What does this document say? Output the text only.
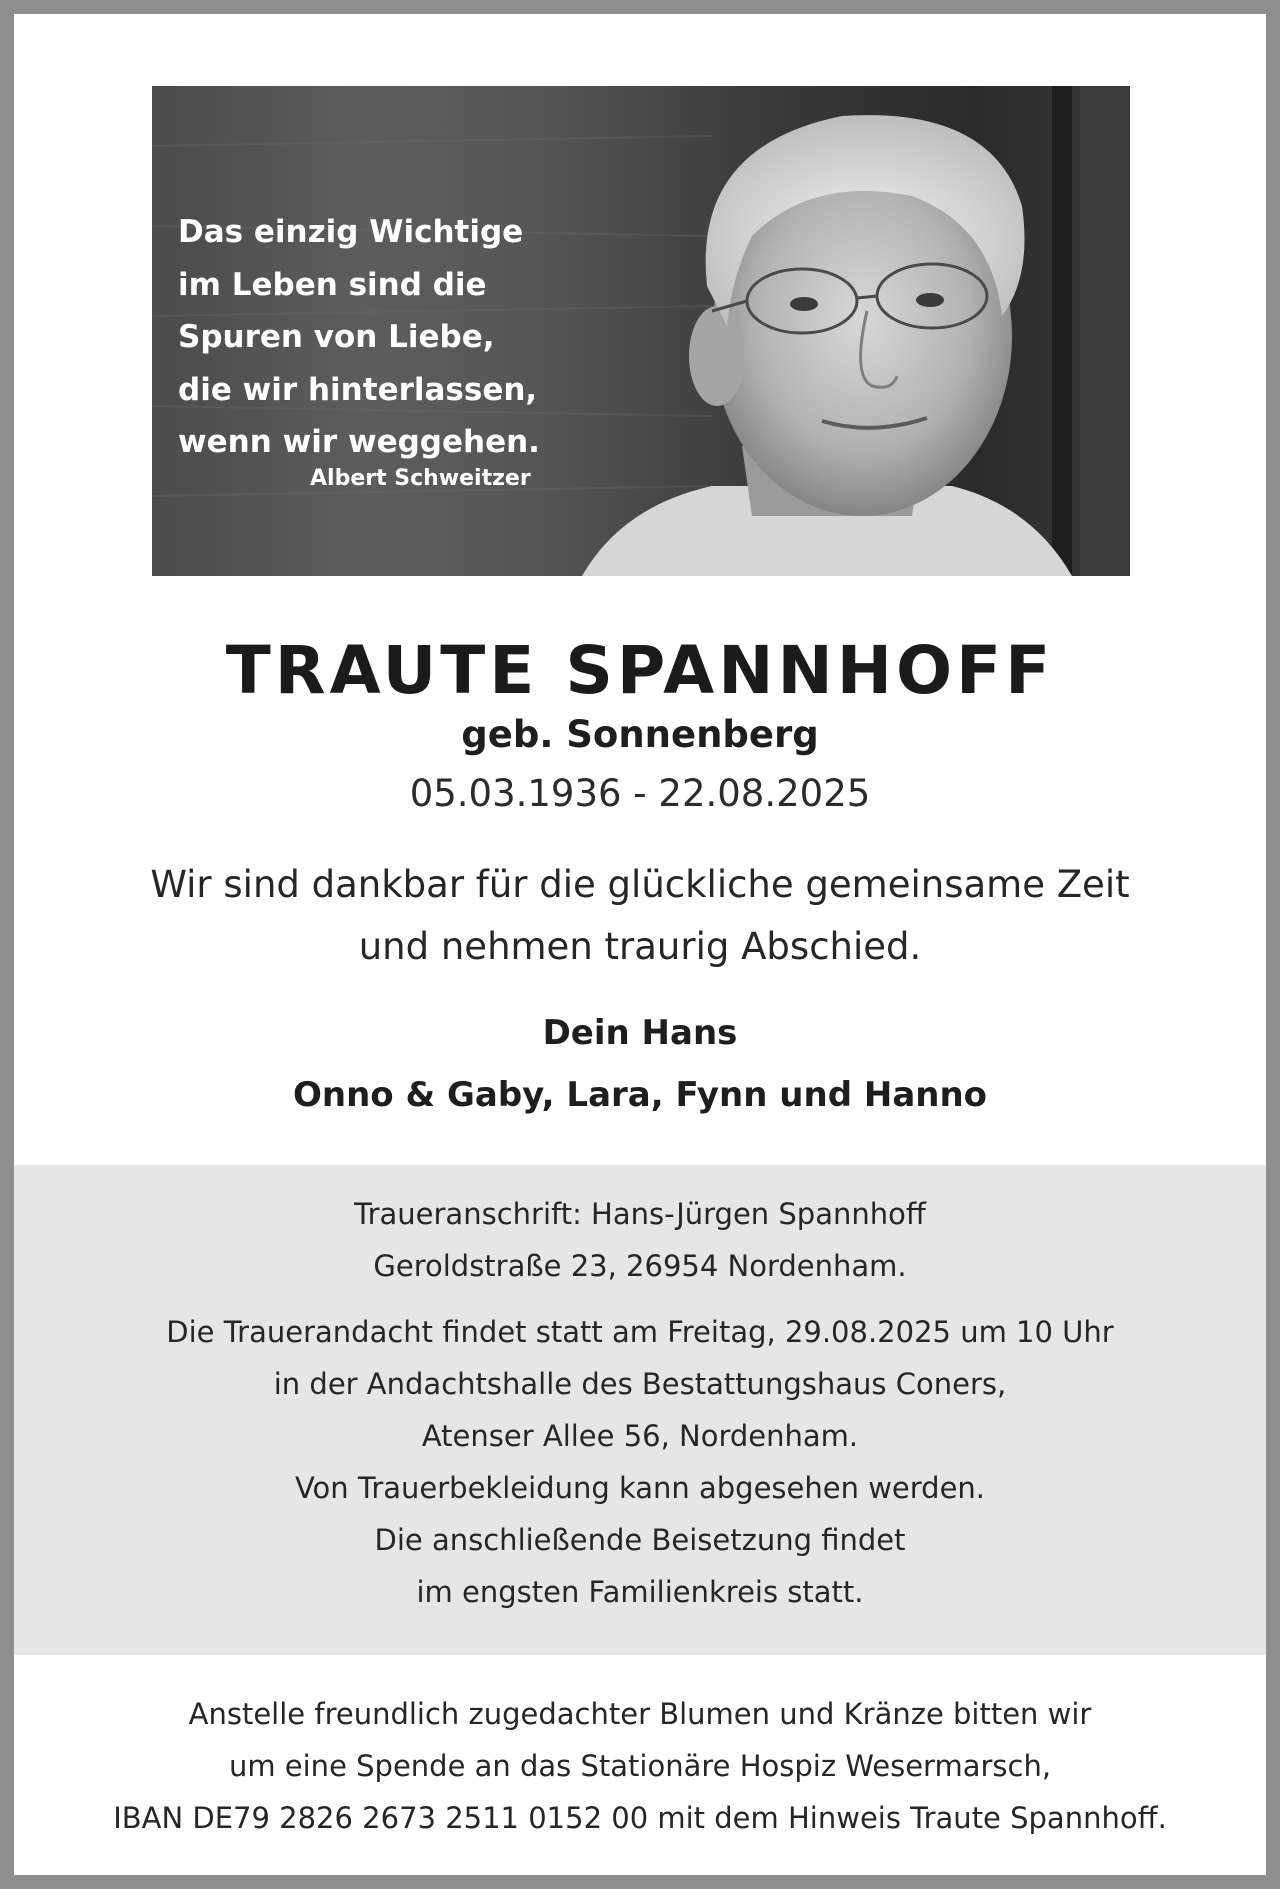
Das einzig Wichtige
im Leben sind die
Spuren von Liebe,
die wir hinterlassen,
wenn wir weggehen.
Albert Schweitzer
TRAUTE SPANNHOFF
geb. Sonnenberg
05.03.1936 - 22.08.2025
Wir sind dankbar für die glückliche gemeinsame Zeit
und nehmen traurig Abschied.
Dein Hans
Onno & Gaby, Lara, Fynn und Hanno
Traueranschrift: Hans-Jürgen Spannhoff
Geroldstraße 23, 26954 Nordenham.
Die Trauerandacht findet statt am Freitag, 29.08.2025 um 10 Uhr
in der Andachtshalle des Bestattungshaus Coners,
Atenser Allee 56, Nordenham.
Von Trauerbekleidung kann abgesehen werden.
Die anschließende Beisetzung findet
im engsten Familienkreis statt.
Anstelle freundlich zugedachter Blumen und Kränze bitten wir
um eine Spende an das Stationäre Hospiz Wesermarsch,
IBAN DE79 2826 2673 2511 0152 00 mit dem Hinweis Traute Spannhoff.
